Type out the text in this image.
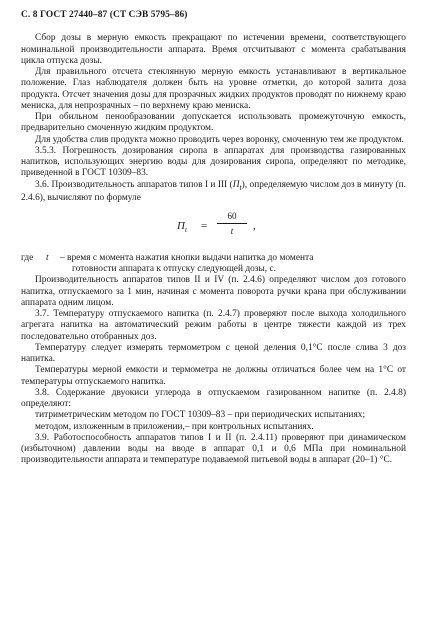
С. 8 ГОСТ 27440–87 (СТ СЭВ 5795–86)

Сбор дозы в мерную емкость прекращают по истечении времени, соответствующего номинальной производительности аппарата. Время отсчитывают с момента срабатывания цикла отпуска дозы.

Для правильного отсчета стеклянную мерную емкость устанавливают в вертикальное положение. Глаз наблюдателя должен быть на уровне отметки, до которой залита доза продукта. Отсчет значения дозы для прозрачных жидких продуктов проводят по нижнему краю мениска, для непрозрачных – по верхнему краю мениска.

При обильном пенообразовании допускается использовать промежуточную емкость, предварительно смоченную жидким продуктом.

Для удобства слив продукта можно проводить через воронку, смоченную тем же продуктом.

3.5.3. Погрешность дозирования сиропа в аппаратах для производства газированных напитков, использующих энергию воды для дозирования сиропа, определяют по методике, приведенной в ГОСТ 10309–83.

3.6. Производительность аппаратов типов I и III $(П_t)$, определяемую числом доз в минуту (п. 2.4.6), вычисляют по формуле

$П_t$ =
60
t	,
где	t	– время с момента нажатия кнопки выдачи напитка до момента
готовности аппарата к отпуску следующей дозы, с.

Производительность аппаратов типов II и IV (п. 2.4.6) определяют числом доз готового напитка, отпускаемого за 1 мин, начиная с момента поворота ручки крана при обслуживании аппарата одним лицом.

3.7. Температуру отпускаемого напитка (п. 2.4.7) проверяют после выхода холодильного агрегата напитка на автоматический режим работы в центре тяжести каждой из трех последовательно отобранных доз.

Температуру следует измерять термометром с ценой деления 0,1°С после слива 3 доз напитка.

Температуры мерной емкости и термометра не должны отличаться более чем на 1°С от температуры отпускаемого напитка.

3.8. Содержание двуокиси углерода в отпускаемом газированном напитке (п. 2.4.8) определяют:

титриметрическим методом по ГОСТ 10309–83 – при периодических испытаниях;

методом, изложенным в приложении,– при контрольных испытаниях.

3.9. Работоспособность аппаратов типов I и II (п. 2.4.11) проверяют при динамическом (избыточном) давлении воды на вводе в аппарат 0,1 и 0,6 МПа при номинальной производительности аппарата и температуре подаваемой питьевой воды в аппарат (20–1) °С.
